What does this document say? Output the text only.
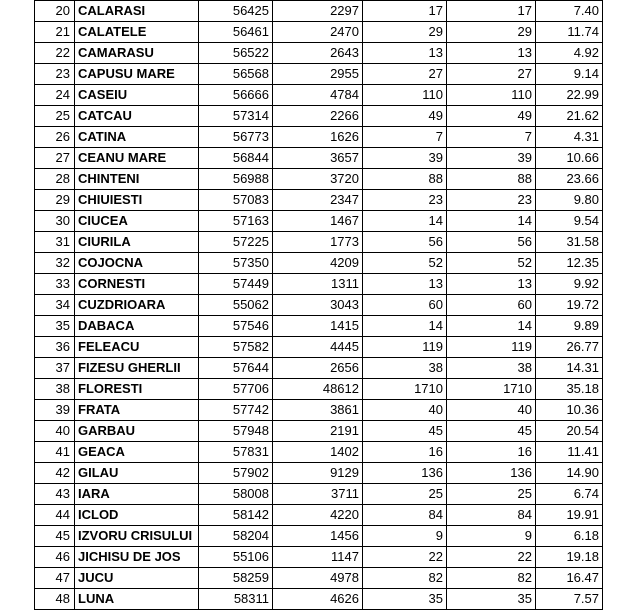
20	CALARASI	56425	2297	17	17	7.40
21	CALATELE	56461	2470	29	29	11.74
22	CAMARASU	56522	2643	13	13	4.92
23	CAPUSU MARE	56568	2955	27	27	9.14
24	CASEIU	56666	4784	110	110	22.99
25	CATCAU	57314	2266	49	49	21.62
26	CATINA	56773	1626	7	7	4.31
27	CEANU MARE	56844	3657	39	39	10.66
28	CHINTENI	56988	3720	88	88	23.66
29	CHIUIESTI	57083	2347	23	23	9.80
30	CIUCEA	57163	1467	14	14	9.54
31	CIURILA	57225	1773	56	56	31.58
32	COJOCNA	57350	4209	52	52	12.35
33	CORNESTI	57449	1311	13	13	9.92
34	CUZDRIOARA	55062	3043	60	60	19.72
35	DABACA	57546	1415	14	14	9.89
36	FELEACU	57582	4445	119	119	26.77
37	FIZESU GHERLII	57644	2656	38	38	14.31
38	FLORESTI	57706	48612	1710	1710	35.18
39	FRATA	57742	3861	40	40	10.36
40	GARBAU	57948	2191	45	45	20.54
41	GEACA	57831	1402	16	16	11.41
42	GILAU	57902	9129	136	136	14.90
43	IARA	58008	3711	25	25	6.74
44	ICLOD	58142	4220	84	84	19.91
45	IZVORU CRISULUI	58204	1456	9	9	6.18
46	JICHISU DE JOS	55106	1147	22	22	19.18
47	JUCU	58259	4978	82	82	16.47
48	LUNA	58311	4626	35	35	7.57
